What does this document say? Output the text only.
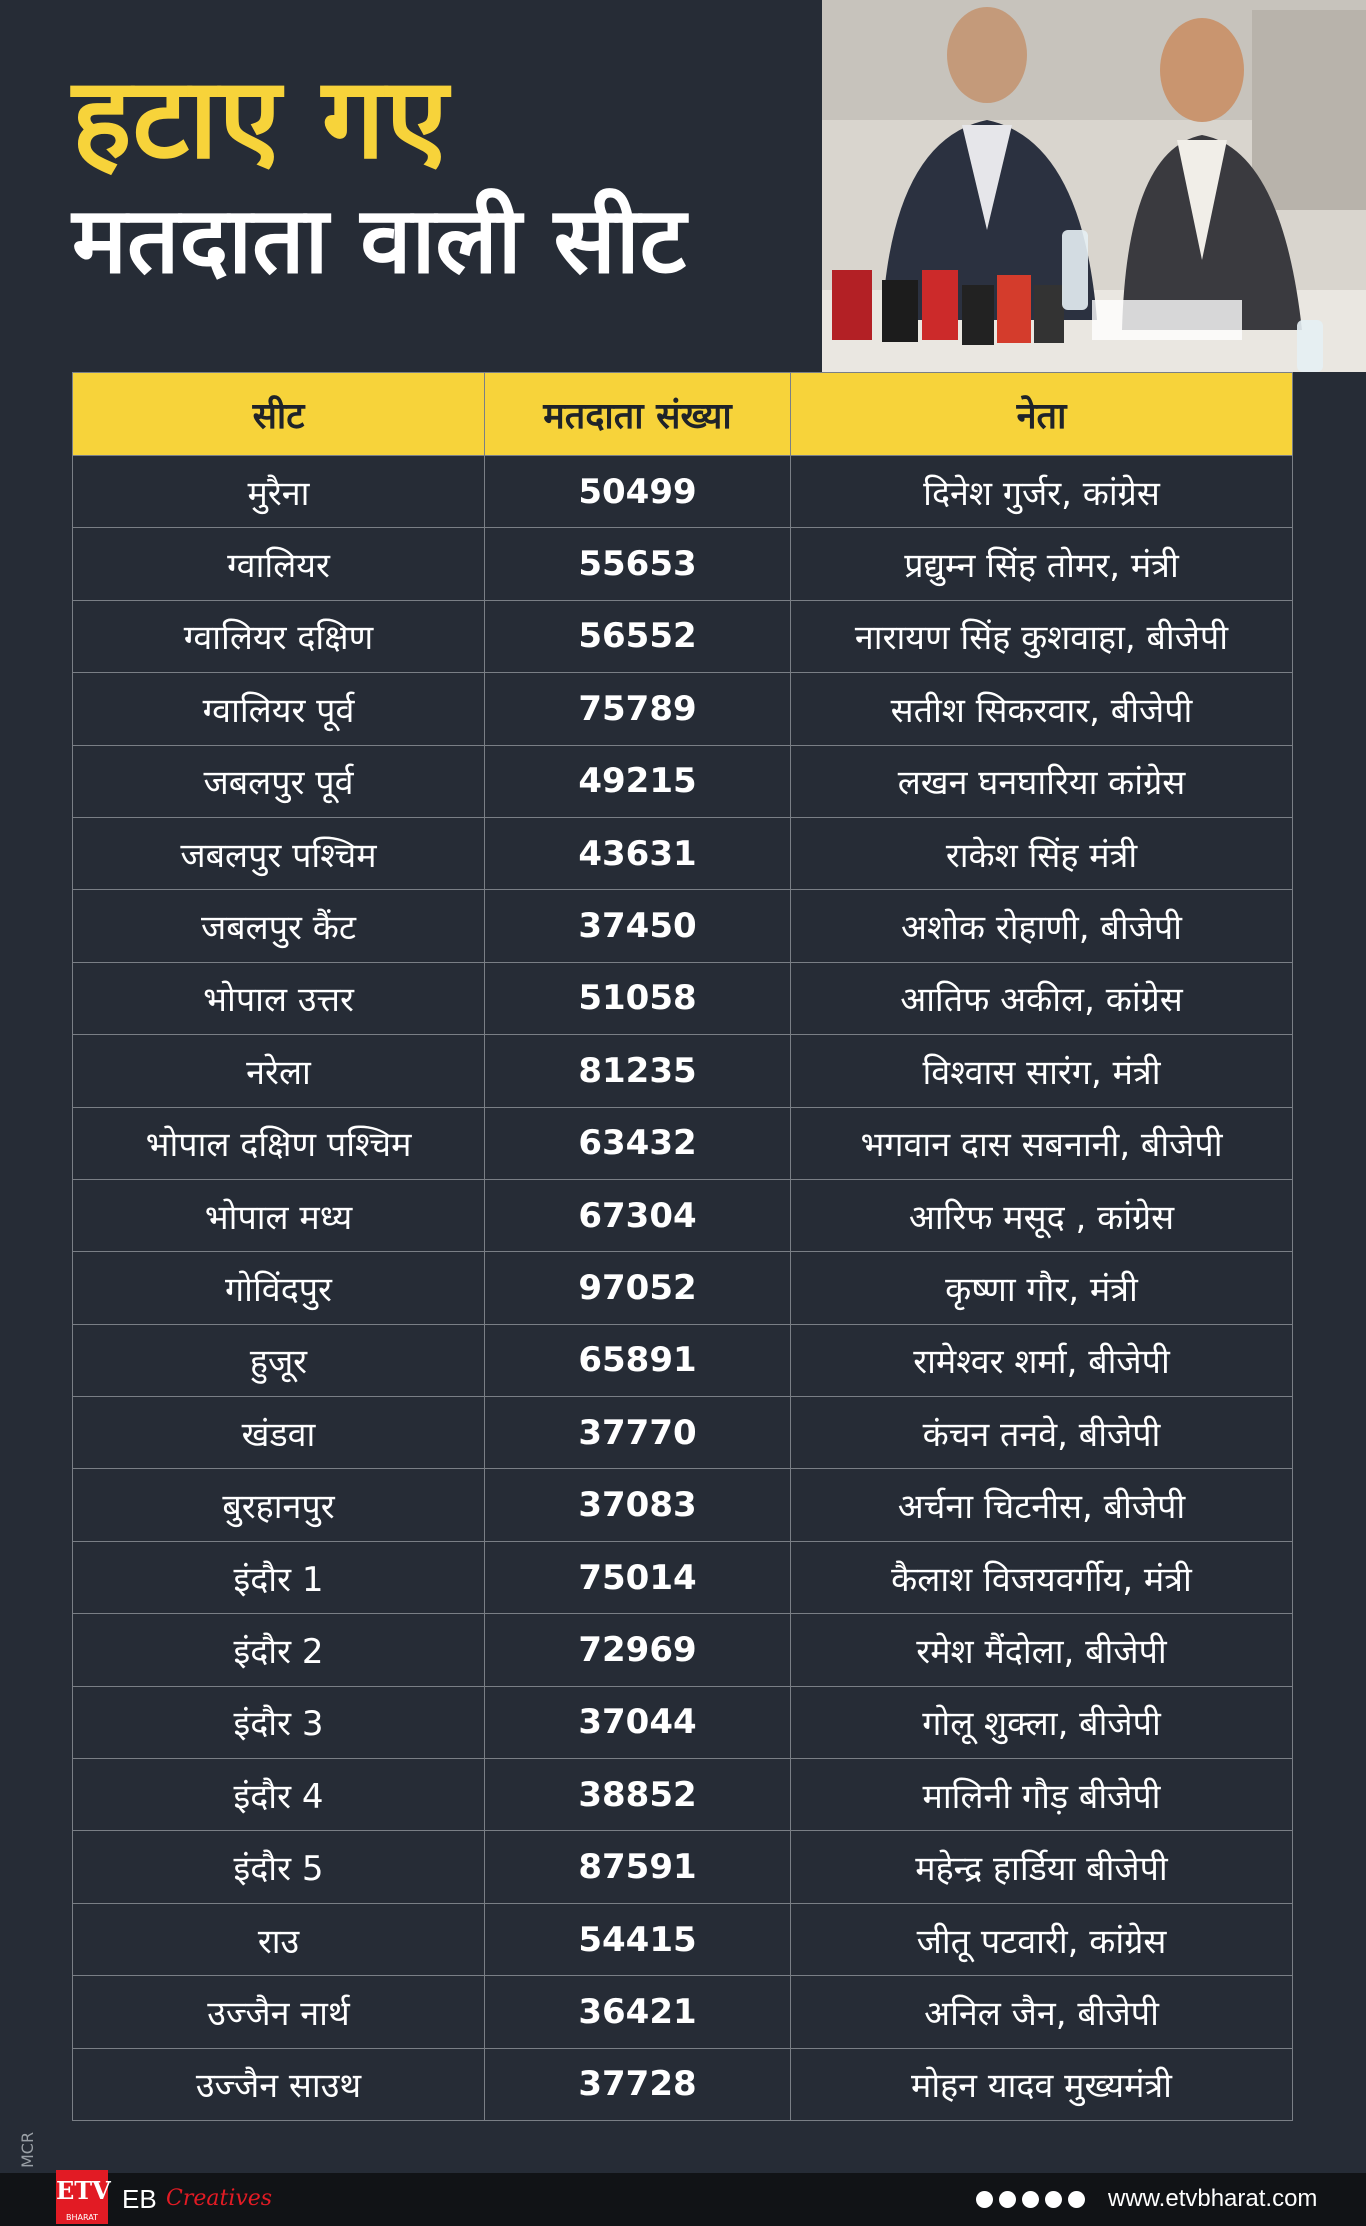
हटाए गए
मतदाता वाली सीट
सीट	मतदाता संख्या	नेता
मुरैना	50499	दिनेश गुर्जर, कांग्रेस
ग्वालियर	55653	प्रद्युम्न सिंह तोमर, मंत्री
ग्वालियर दक्षिण	56552	नारायण सिंह कुशवाहा, बीजेपी
ग्वालियर पूर्व	75789	सतीश सिकरवार, बीजेपी
जबलपुर पूर्व	49215	लखन घनघारिया कांग्रेस
जबलपुर पश्चिम	43631	राकेश सिंह मंत्री
जबलपुर कैंट	37450	अशोक रोहाणी, बीजेपी
भोपाल उत्तर	51058	आतिफ अकील, कांग्रेस
नरेला	81235	विश्वास सारंग, मंत्री
भोपाल दक्षिण पश्चिम	63432	भगवान दास सबनानी, बीजेपी
भोपाल मध्य	67304	आरिफ मसूद , कांग्रेस
गोविंदपुर	97052	कृष्णा गौर, मंत्री
हुजूर	65891	रामेश्वर शर्मा, बीजेपी
खंडवा	37770	कंचन तनवे, बीजेपी
बुरहानपुर	37083	अर्चना चिटनीस, बीजेपी
इंदौर 1	75014	कैलाश विजयवर्गीय, मंत्री
इंदौर 2	72969	रमेश मैंदोला, बीजेपी
इंदौर 3	37044	गोलू शुक्ला, बीजेपी
इंदौर 4	38852	मालिनी गौड़ बीजेपी
इंदौर 5	87591	महेन्द्र हार्डिया बीजेपी
राउ	54415	जीतू पटवारी, कांग्रेस
उज्जैन नार्थ	36421	अनिल जैन, बीजेपी
उज्जैन साउथ	37728	मोहन यादव मुख्यमंत्री
MCR
ETV
BHARAT
EB Creatives	www.etvbharat.com
